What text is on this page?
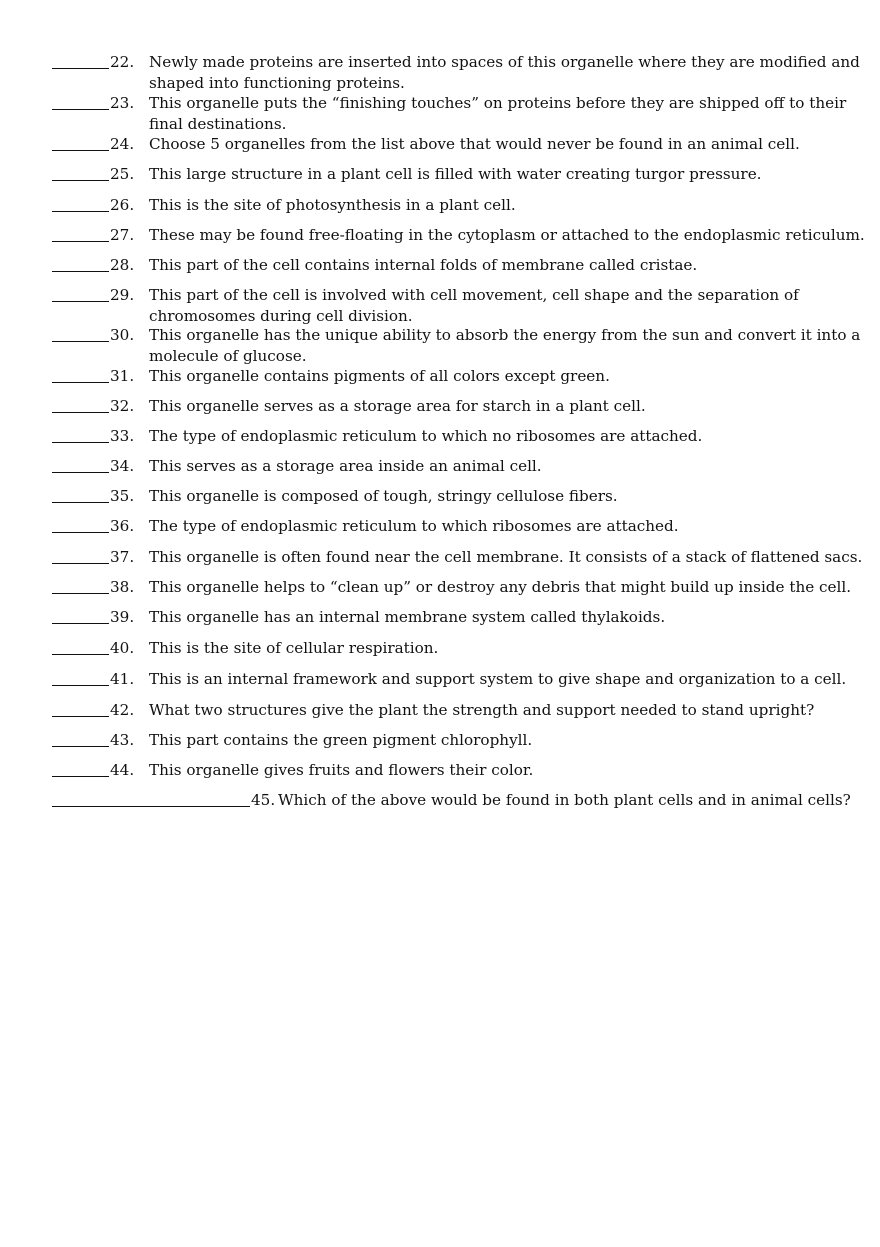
22. Newly made proteins are inserted into spaces of this organelle where they are modified and
shaped into functioning proteins.
23. This organelle puts the “finishing touches” on proteins before they are shipped off to their
final destinations.
24. Choose 5 organelles from the list above that would never be found in an animal cell.
25. This large structure in a plant cell is filled with water creating turgor pressure.
26. This is the site of photosynthesis in a plant cell.
27. These may be found free-floating in the cytoplasm or attached to the endoplasmic reticulum.
28. This part of the cell contains internal folds of membrane called cristae.
29. This part of the cell is involved with cell movement, cell shape and the separation of
chromosomes during cell division.
30. This organelle has the unique ability to absorb the energy from the sun and convert it into a
molecule of glucose.
31. This organelle contains pigments of all colors except green.
32. This organelle serves as a storage area for starch in a plant cell.
33. The type of endoplasmic reticulum to which no ribosomes are attached.
34. This serves as a storage area inside an animal cell.
35. This organelle is composed of tough, stringy cellulose fibers.
36. The type of endoplasmic reticulum to which ribosomes are attached.
37. This organelle is often found near the cell membrane. It consists of a stack of flattened sacs.
38. This organelle helps to “clean up” or destroy any debris that might build up inside the cell.
39. This organelle has an internal membrane system called thylakoids.
40. This is the site of cellular respiration.
41. This is an internal framework and support system to give shape and organization to a cell.
42. What two structures give the plant the strength and support needed to stand upright?
43. This part contains the green pigment chlorophyll.
44. This organelle gives fruits and flowers their color.
45. Which of the above would be found in both plant cells and in animal cells?
